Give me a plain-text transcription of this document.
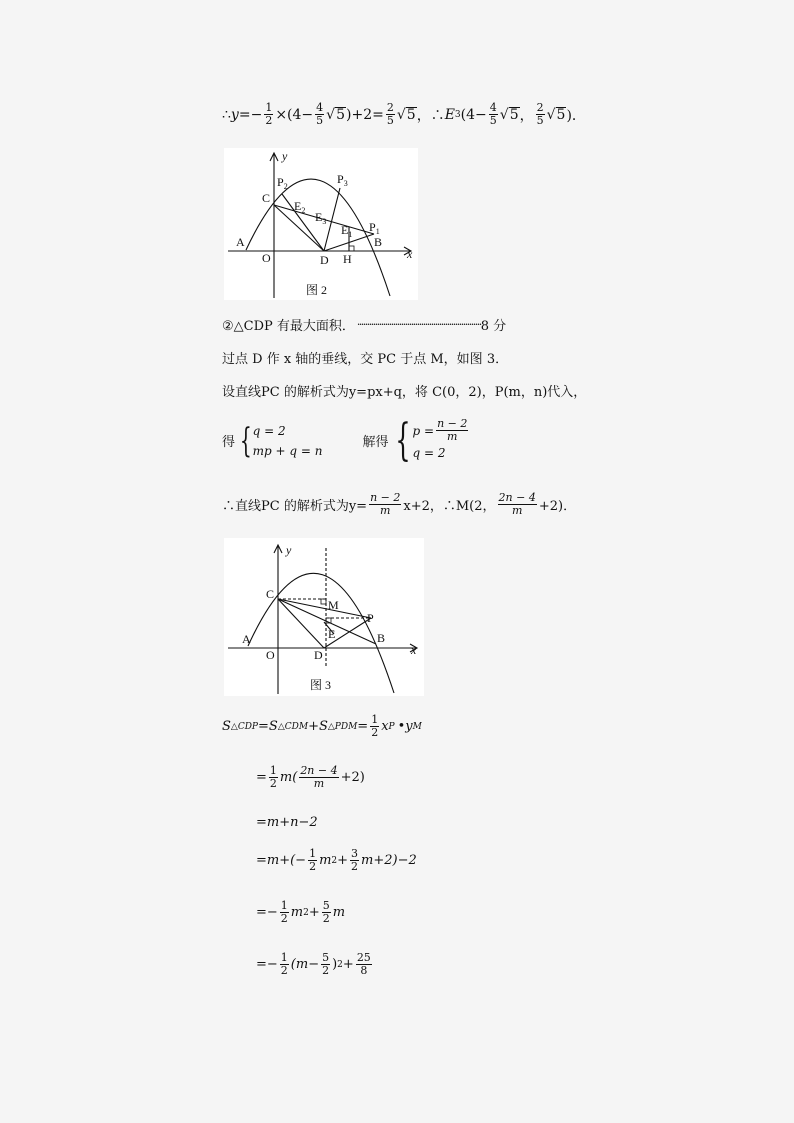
∴ $y =- \frac{1}{2} \times(4- \frac{4}{5}$ √ 5 )$+2= \frac{2}{5}$ √ 5 ，∴ E 3 ($4- \frac{4}{5}$ √ 5 ， $\frac{2}{5}$ √ 5 )．
y
x
A
O
C
D
B
H
$P_2$
$P_3$
$P_1$
$E_2$ $E_3$
$E_1$
图 2
②△CDP 有最大面积． ······························································ 8 分
过点 D 作 x 轴的垂线，交 PC 于点 M，如图 3．
设直线PC 的解析式为y=px+q，将 C(0，2)，P(m，n)代入，
得 { q = 2
mp + q = n
解得 { $p = \frac{n - 2}{m}$
q = 2
∴直线PC 的解析式为$y= \frac{n - 2}{m} x+2$，∴M(2， $\frac{2n - 4}{m} +2$)．
y
x
A
O
C
D
B
M
P
E
图 3
S △CDP =S △CDM +S △PDM = $\frac{1}{2}$ x P •y M
= $\frac{1}{2} m( \frac{2n - 4}{m} +2)$
=m+n−2
$=m+(- \frac{1}{2}$ m $2 + \frac{3}{2} m+2)-2$
=− $\frac{1}{2}$ m $2 + \frac{5}{2}$ m
=− $\frac{1}{2} (m- \frac{5}{2}$ ) $2 + \frac{25}{8}$
